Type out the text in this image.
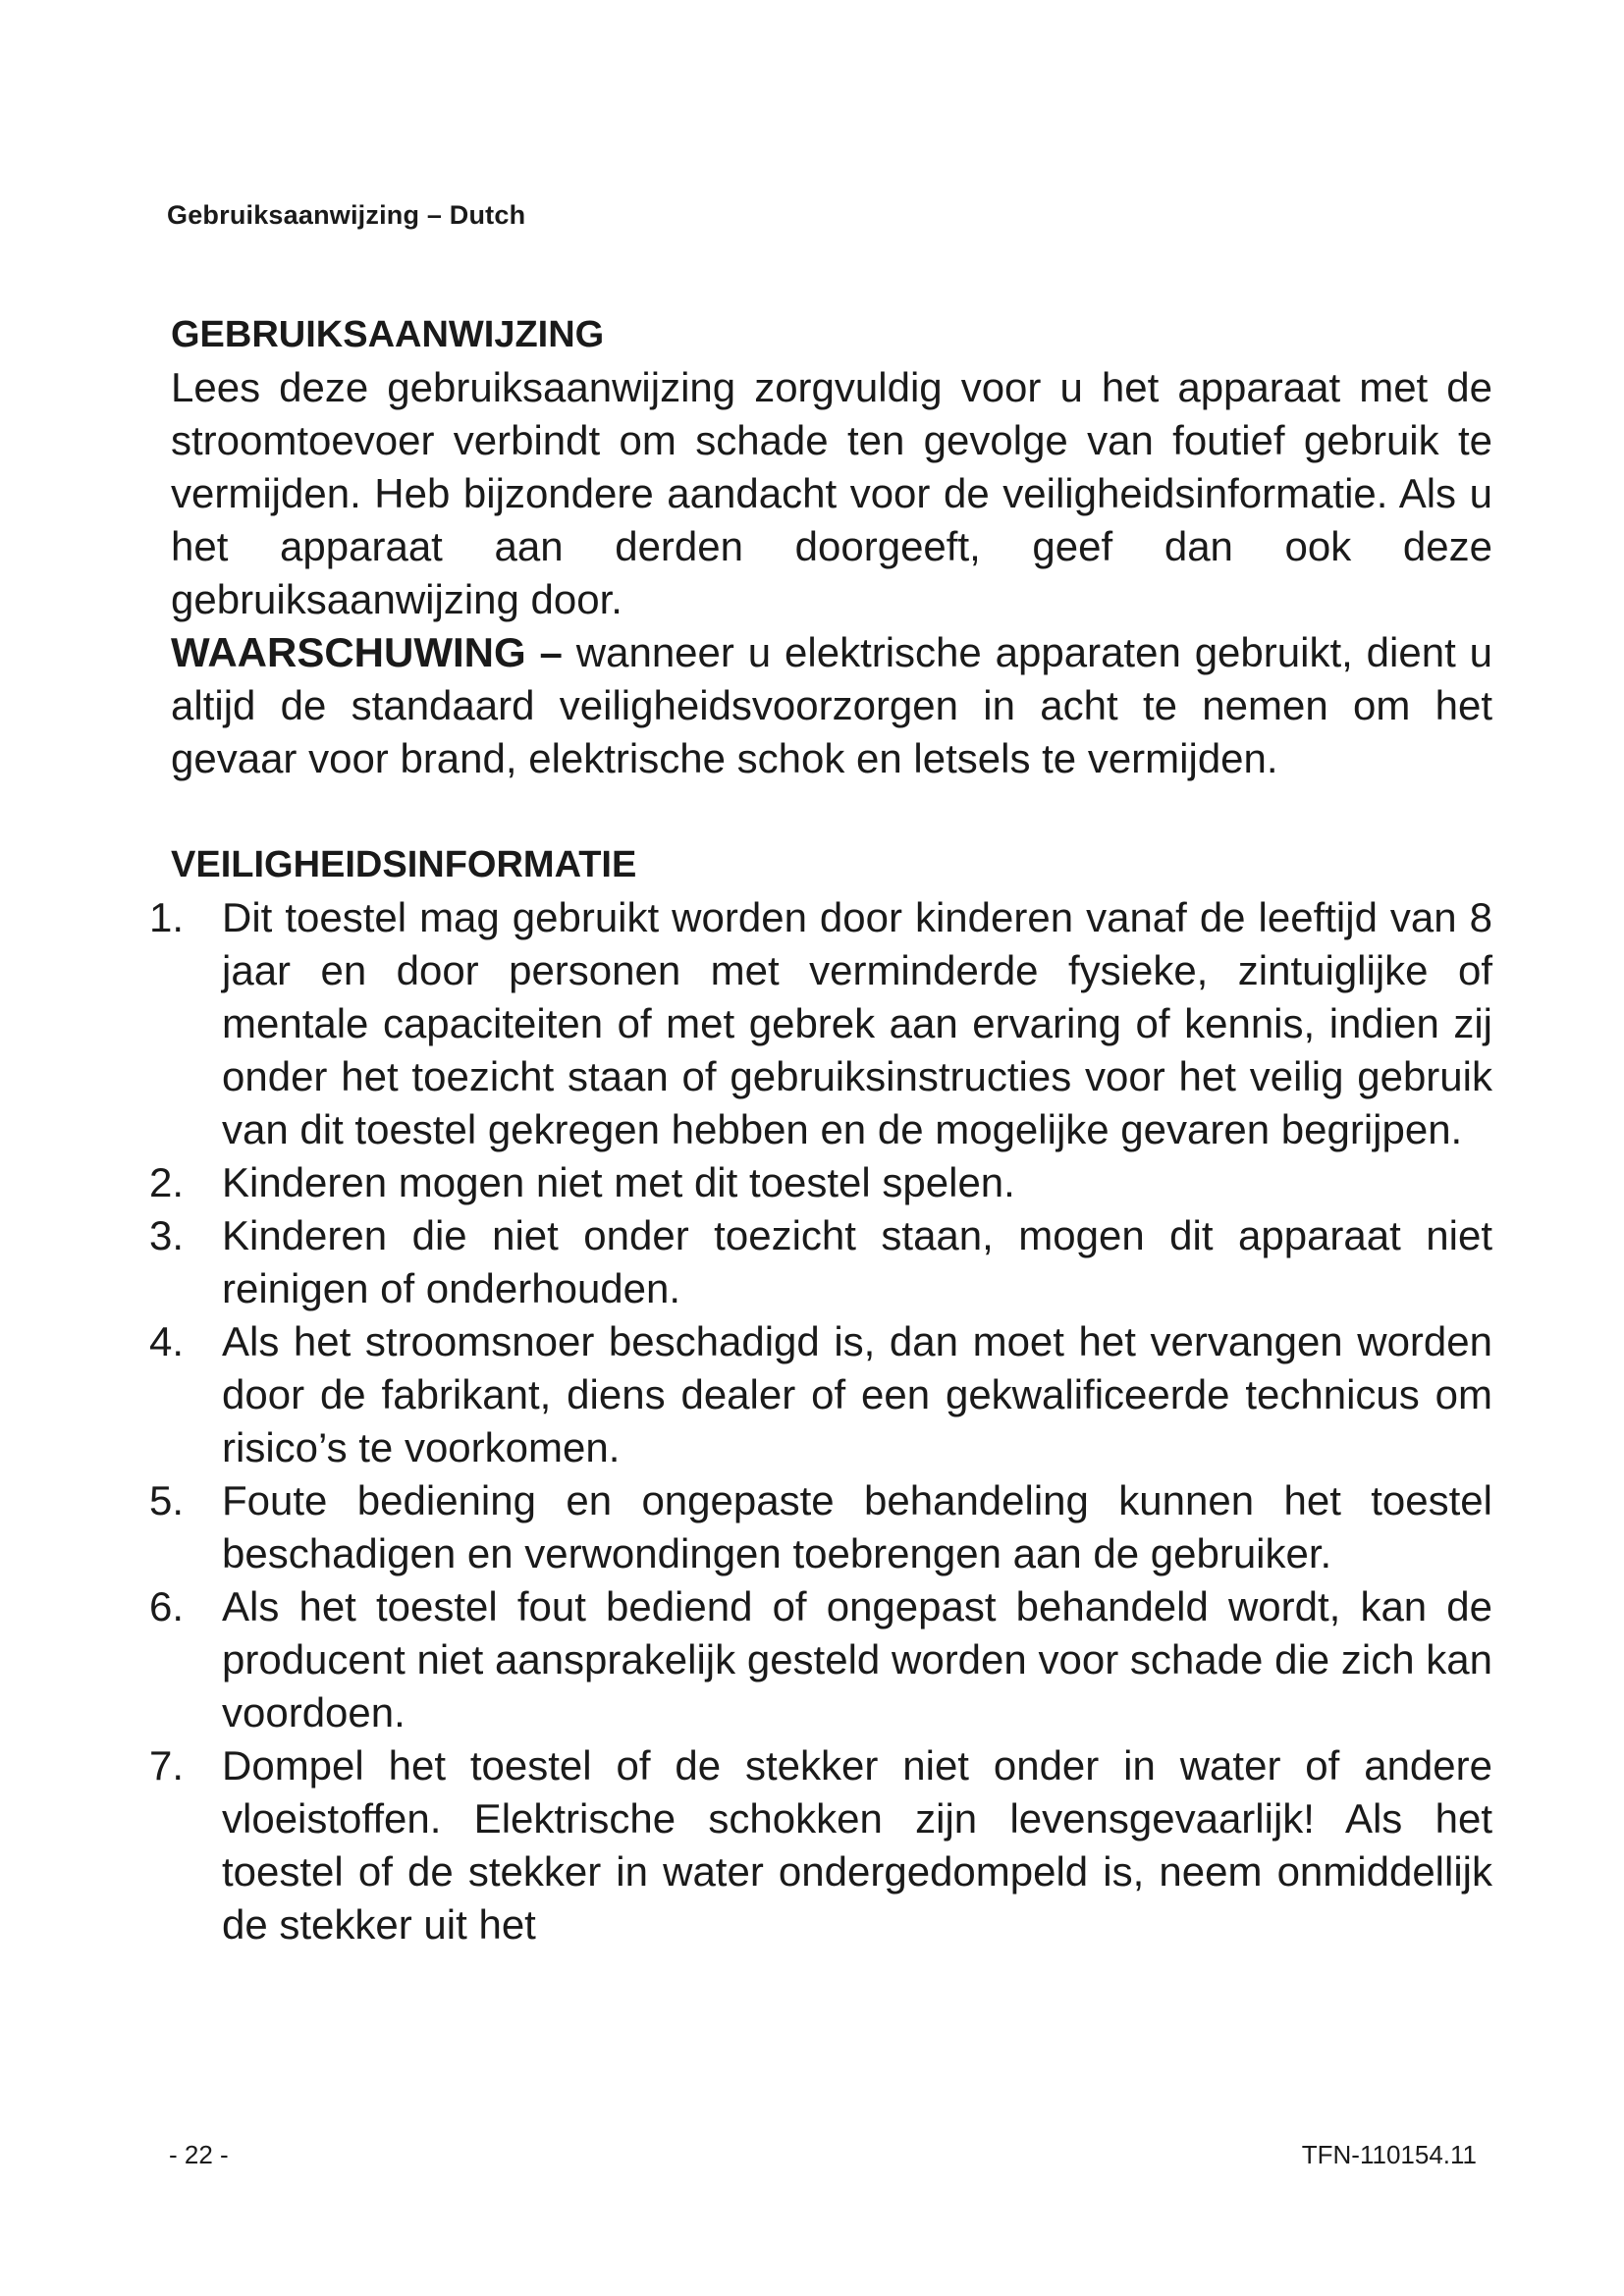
Gebruiksaanwijzing – Dutch
GEBRUIKSAANWIJZING

Lees deze gebruiksaanwijzing zorgvuldig voor u het apparaat met de stroomtoevoer verbindt om schade ten gevolge van foutief gebruik te vermijden. Heb bijzondere aandacht voor de veiligheidsinformatie. Als u het apparaat aan derden doorgeeft, geef dan ook deze gebruiksaanwijzing door.

WAARSCHUWING – wanneer u elektrische apparaten gebruikt, dient u altijd de standaard veiligheidsvoorzorgen in acht te nemen om het gevaar voor brand, elektrische schok en letsels te vermijden.

VEILIGHEIDSINFORMATIE
1. Dit toestel mag gebruikt worden door kinderen vanaf de leeftijd van 8 jaar en door personen met verminderde fysieke, zintuiglijke of mentale capaciteiten of met gebrek aan ervaring of kennis, indien zij onder het toezicht staan of gebruiksinstructies voor het veilig gebruik van dit toestel gekregen hebben en de mogelijke gevaren begrijpen.
2. Kinderen mogen niet met dit toestel spelen.
3. Kinderen die niet onder toezicht staan, mogen dit apparaat niet reinigen of onderhouden.
4. Als het stroomsnoer beschadigd is, dan moet het vervangen worden door de fabrikant, diens dealer of een gekwalificeerde technicus om risico’s te voorkomen.
5. Foute bediening en ongepaste behandeling kunnen het toestel beschadigen en verwondingen toebrengen aan de gebruiker.
6. Als het toestel fout bediend of ongepast behandeld wordt, kan de producent niet aansprakelijk gesteld worden voor schade die zich kan voordoen.
7. Dompel het toestel of de stekker niet onder in water of andere vloeistoffen. Elektrische schokken zijn levensgevaarlijk! Als het toestel of de stekker in water ondergedompeld is, neem onmiddellijk de stekker uit het
- 22 -	TFN-110154.11
